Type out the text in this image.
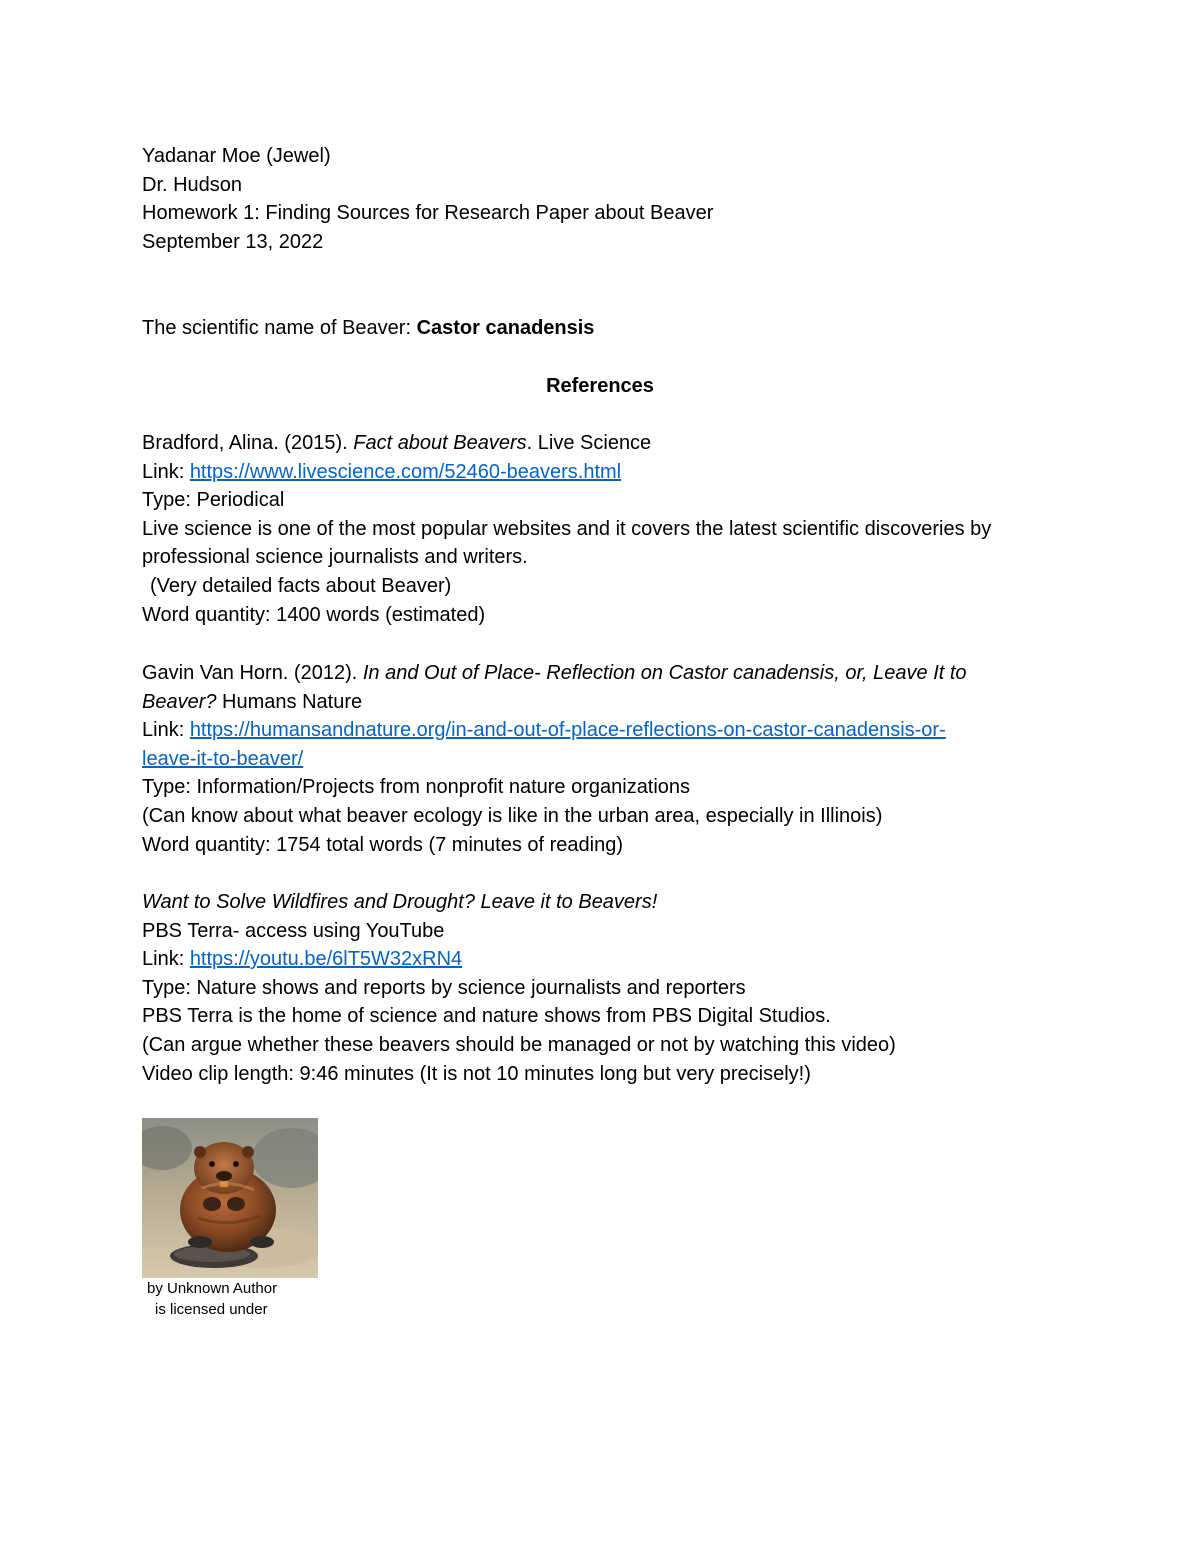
Yadanar Moe (Jewel)
Dr. Hudson
Homework 1: Finding Sources for Research Paper about Beaver
September 13, 2022
The scientific name of Beaver: Castor canadensis
References
Bradford, Alina. (2015). Fact about Beavers. Live Science
Link: https://www.livescience.com/52460-beavers.html
Type: Periodical
Live science is one of the most popular websites and it covers the latest scientific discoveries by
professional science journalists and writers.
(Very detailed facts about Beaver)
Word quantity: 1400 words (estimated)
Gavin Van Horn. (2012). In and Out of Place- Reflection on Castor canadensis, or, Leave It to
Beaver? Humans Nature
Link: https://humansandnature.org/in-and-out-of-place-reflections-on-castor-canadensis-or-
leave-it-to-beaver/
Type: Information/Projects from nonprofit nature organizations
(Can know about what beaver ecology is like in the urban area, especially in Illinois)
Word quantity: 1754 total words (7 minutes of reading)
Want to Solve Wildfires and Drought? Leave it to Beavers!
PBS Terra- access using YouTube
Link: https://youtu.be/6lT5W32xRN4
Type: Nature shows and reports by science journalists and reporters
PBS Terra is the home of science and nature shows from PBS Digital Studios.
(Can argue whether these beavers should be managed or not by watching this video)
Video clip length: 9:46 minutes (It is not 10 minutes long but very precisely!)
by Unknown Author
is licensed under
